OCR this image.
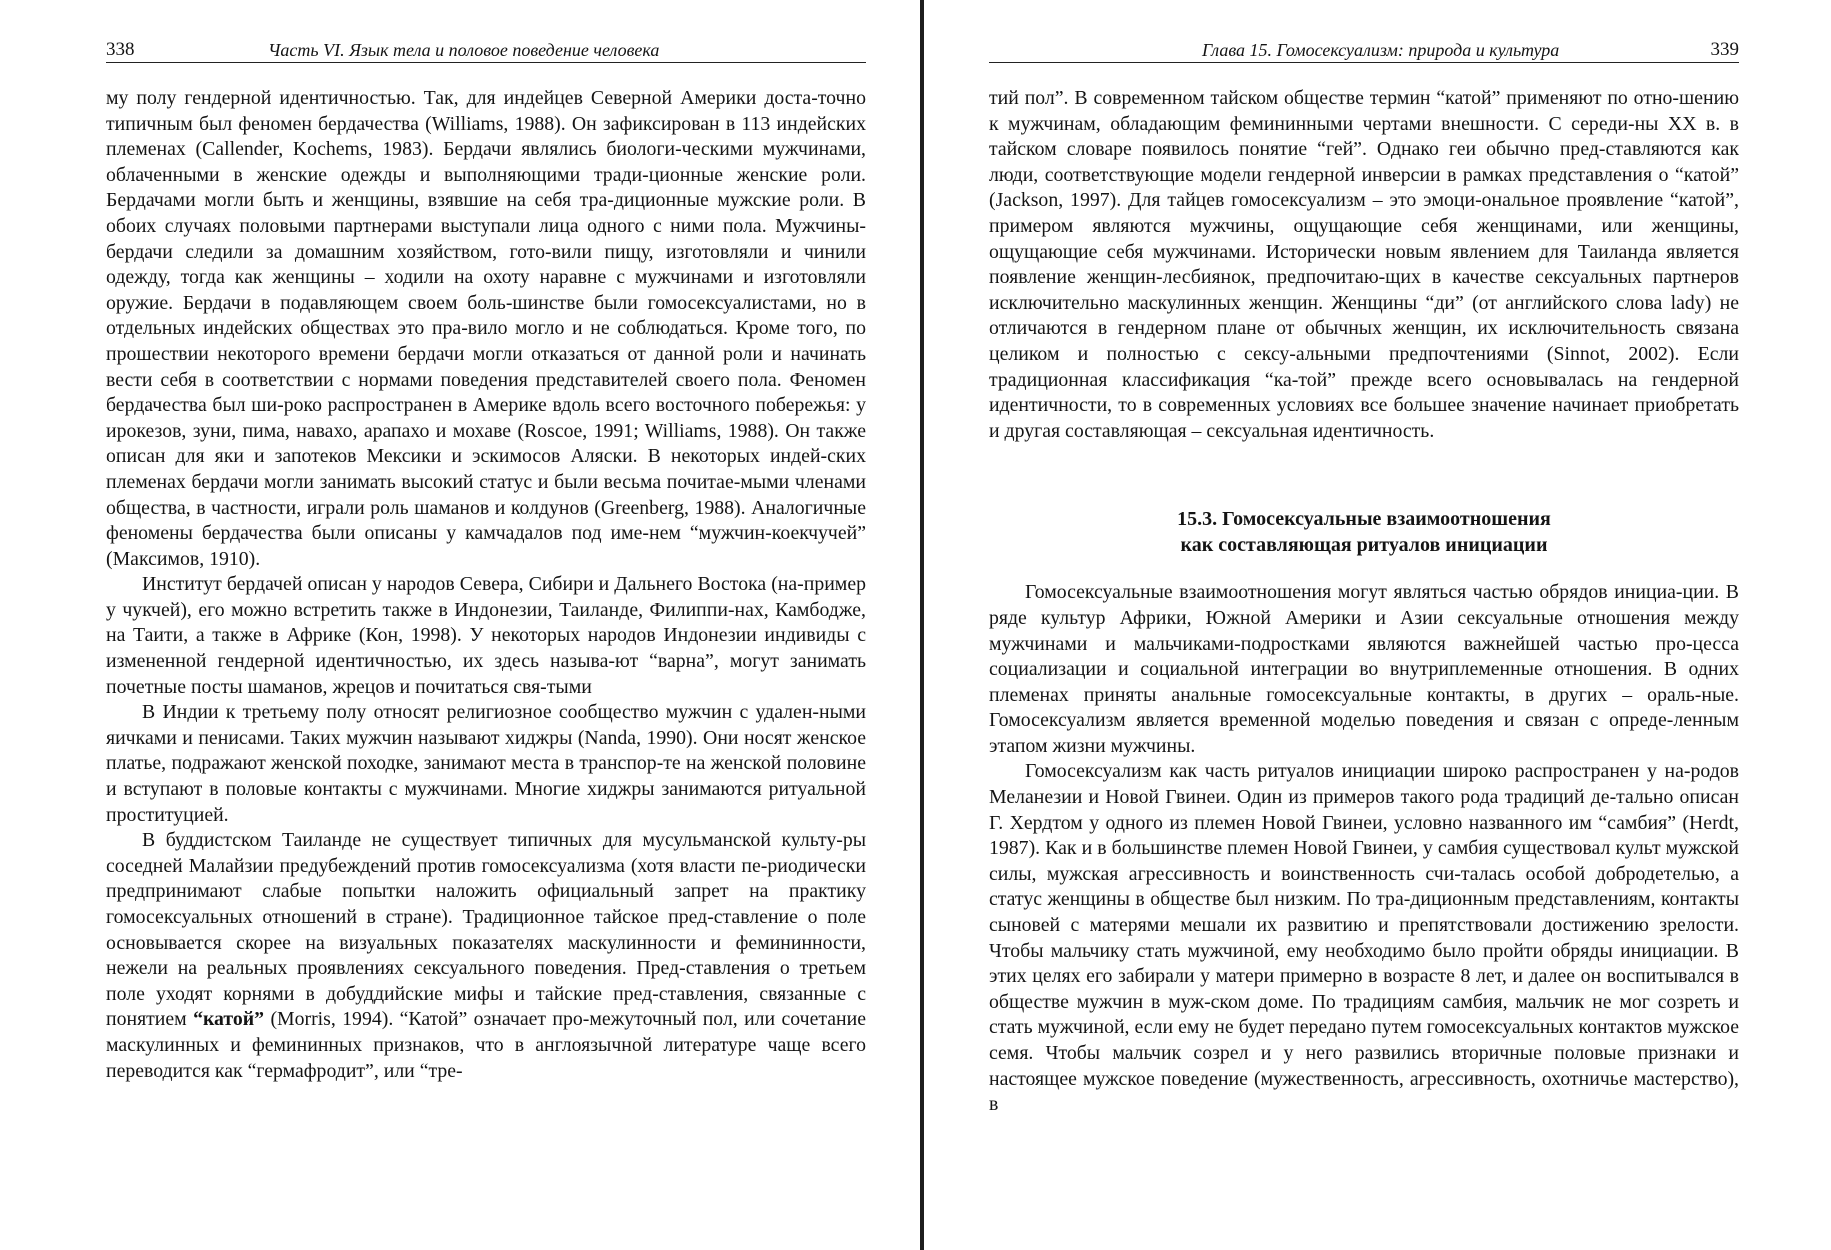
338	Часть VI. Язык тела и половое поведение человека

му полу гендерной идентичностью. Так, для индейцев Северной Америки доста-точно типичным был феномен бердачества (Williams, 1988). Он зафиксирован в 113 индейских племенах (Callender, Kochems, 1983). Бердачи являлись биологи-ческими мужчинами, облаченными в женские одежды и выполняющими тради-ционные женские роли. Бердачами могли быть и женщины, взявшие на себя тра-диционные мужские роли. В обоих случаях половыми партнерами выступали лица одного с ними пола. Мужчины-бердачи следили за домашним хозяйством, гото-вили пищу, изготовляли и чинили одежду, тогда как женщины – ходили на охоту наравне с мужчинами и изготовляли оружие. Бердачи в подавляющем своем боль-шинстве были гомосексуалистами, но в отдельных индейских обществах это пра-вило могло и не соблюдаться. Кроме того, по прошествии некоторого времени бердачи могли отказаться от данной роли и начинать вести себя в соответствии с нормами поведения представителей своего пола. Феномен бердачества был ши-роко распространен в Америке вдоль всего восточного побережья: у ирокезов, зуни, пима, навахо, арапахо и мохаве (Roscoe, 1991; Williams, 1988). Он также описан для яки и запотеков Мексики и эскимосов Аляски. В некоторых индей-ских племенах бердачи могли занимать высокий статус и были весьма почитае-мыми членами общества, в частности, играли роль шаманов и колдунов (Greenberg, 1988). Аналогичные феномены бердачества были описаны у камчадалов под име-нем “мужчин-коекчучей” (Максимов, 1910).

Институт бердачей описан у народов Севера, Сибири и Дальнего Востока (на-пример у чукчей), его можно встретить также в Индонезии, Таиланде, Филиппи-нах, Камбодже, на Таити, а также в Африке (Кон, 1998). У некоторых народов Индонезии индивиды с измененной гендерной идентичностью, их здесь называ-ют “варна”, могут занимать почетные посты шаманов, жрецов и почитаться свя-тыми

В Индии к третьему полу относят религиозное сообщество мужчин с удален-ными яичками и пенисами. Таких мужчин называют хиджры (Nanda, 1990). Они носят женское платье, подражают женской походке, занимают места в транспор-те на женской половине и вступают в половые контакты с мужчинами. Многие хиджры занимаются ритуальной проституцией.

В буддистском Таиланде не существует типичных для мусульманской культу-ры соседней Малайзии предубеждений против гомосексуализма (хотя власти пе-риодически предпринимают слабые попытки наложить официальный запрет на практику гомосексуальных отношений в стране). Традиционное тайское пред-ставление о поле основывается скорее на визуальных показателях маскулинности и фемининности, нежели на реальных проявлениях сексуального поведения. Пред-ставления о третьем поле уходят корнями в добуддийские мифы и тайские пред-ставления, связанные с понятием “катой” (Morris, 1994). “Катой” означает про-межуточный пол, или сочетание маскулинных и фемининных признаков, что в англоязычной литературе чаще всего переводится как “гермафродит”, или “тре-

Глава 15. Гомосексуализм: природа и культура	339

тий пол”. В современном тайском обществе термин “катой” применяют по отно-шению к мужчинам, обладающим фемининными чертами внешности. С середи-ны XX в. в тайском словаре появилось понятие “гей”. Однако геи обычно пред-ставляются как люди, соответствующие модели гендерной инверсии в рамках представления о “катой” (Jackson, 1997). Для тайцев гомосексуализм – это эмоци-ональное проявление “катой”, примером являются мужчины, ощущающие себя женщинами, или женщины, ощущающие себя мужчинами. Исторически новым явлением для Таиланда является появление женщин-лесбиянок, предпочитаю-щих в качестве сексуальных партнеров исключительно маскулинных женщин. Женщины “ди” (от английского слова lady) не отличаются в гендерном плане от обычных женщин, их исключительность связана целиком и полностью с сексу-альными предпочтениями (Sinnot, 2002). Если традиционная классификация “ка-той” прежде всего основывалась на гендерной идентичности, то в современных условиях все большее значение начинает приобретать и другая составляющая – сексуальная идентичность.

15.3. Гомосексуальные взаимоотношения
как составляющая ритуалов инициации

Гомосексуальные взаимоотношения могут являться частью обрядов инициа-ции. В ряде культур Африки, Южной Америки и Азии сексуальные отношения между мужчинами и мальчиками-подростками являются важнейшей частью про-цесса социализации и социальной интеграции во внутриплеменные отношения. В одних племенах приняты анальные гомосексуальные контакты, в других – ораль-ные. Гомосексуализм является временной моделью поведения и связан с опреде-ленным этапом жизни мужчины.

Гомосексуализм как часть ритуалов инициации широко распространен у на-родов Меланезии и Новой Гвинеи. Один из примеров такого рода традиций де-тально описан Г. Хердтом у одного из племен Новой Гвинеи, условно названного им “самбия” (Herdt, 1987). Как и в большинстве племен Новой Гвинеи, у самбия существовал культ мужской силы, мужская агрессивность и воинственность счи-талась особой добродетелью, а статус женщины в обществе был низким. По тра-диционным представлениям, контакты сыновей с матерями мешали их развитию и препятствовали достижению зрелости. Чтобы мальчику стать мужчиной, ему необходимо было пройти обряды инициации. В этих целях его забирали у матери примерно в возрасте 8 лет, и далее он воспитывался в обществе мужчин в муж-ском доме. По традициям самбия, мальчик не мог созреть и стать мужчиной, если ему не будет передано путем гомосексуальных контактов мужское семя. Чтобы мальчик созрел и у него развились вторичные половые признаки и настоящее мужское поведение (мужественность, агрессивность, охотничье мастерство), в
